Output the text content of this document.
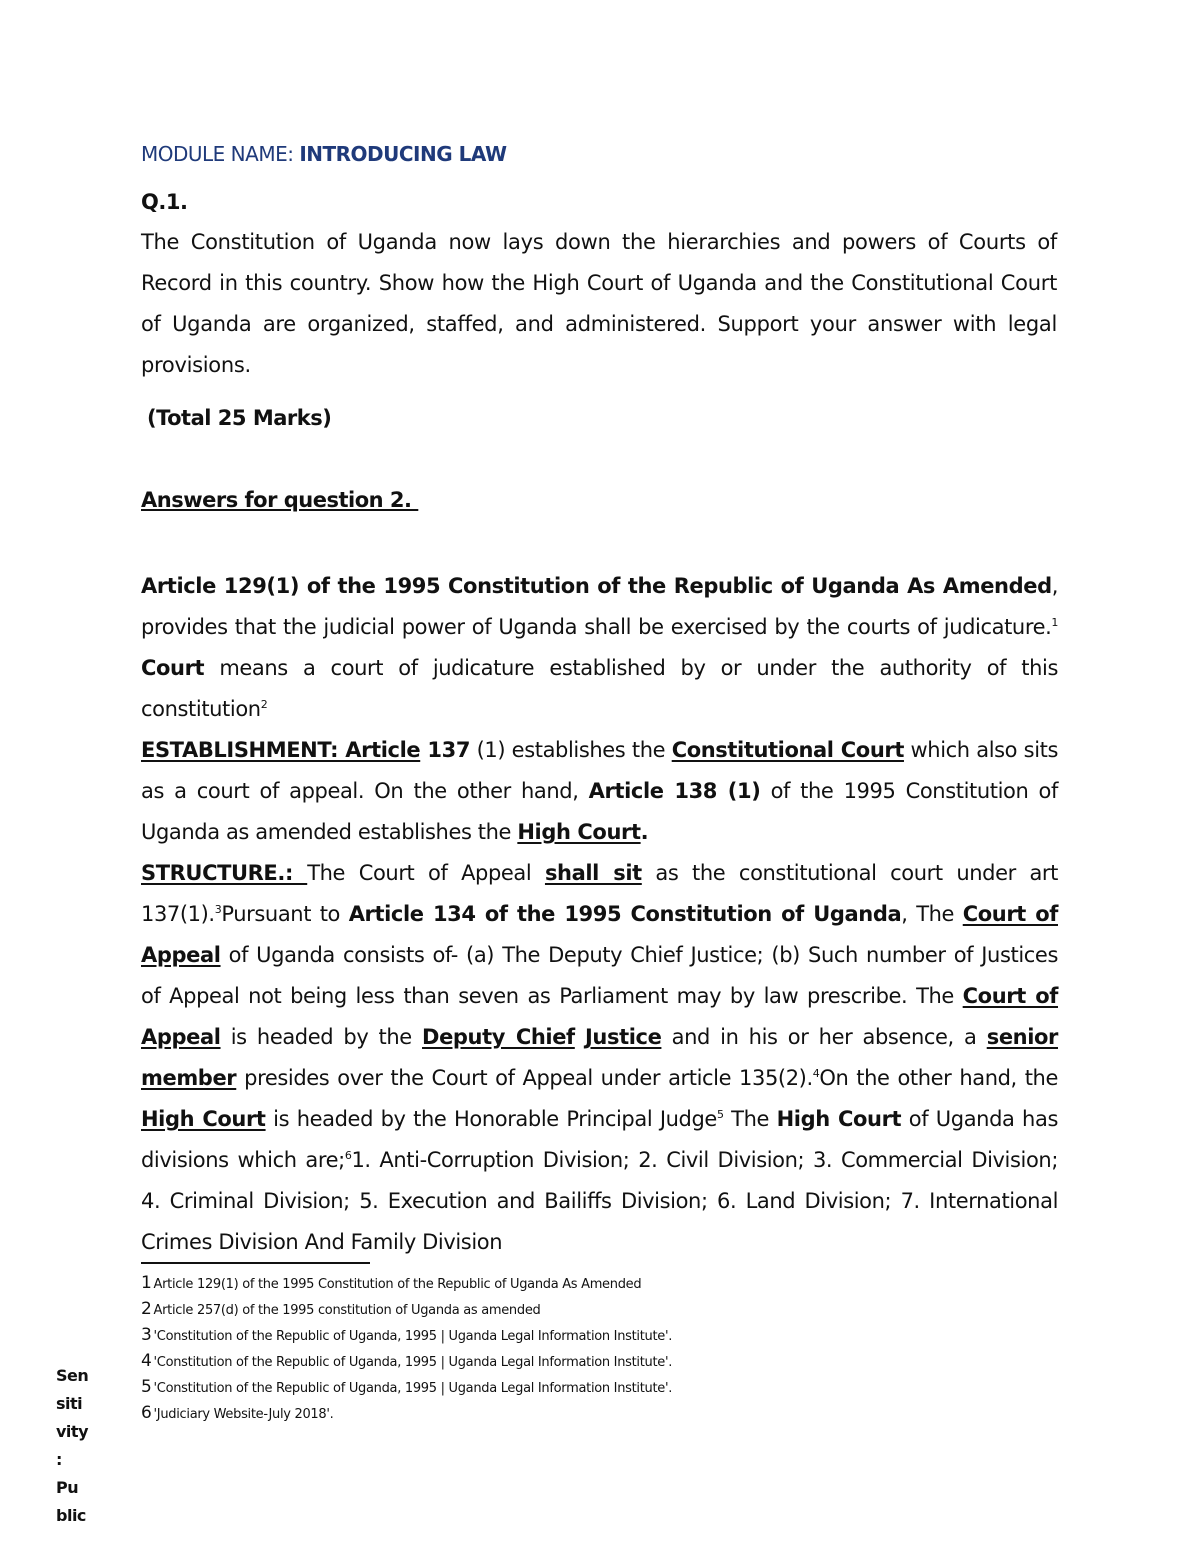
MODULE NAME: INTRODUCING LAW
Q.1.
The Constitution of Uganda now lays down the hierarchies and powers of Courts of Record in this country. Show how the High Court of Uganda and the Constitutional Court of Uganda are organized, staffed, and administered. Support your answer with legal provisions.
(Total 25 Marks)
Answers for question 2.

Article 129(1) of the 1995 Constitution of the Republic of Uganda As Amended, provides that the judicial power of Uganda shall be exercised by the courts of judicature.$^1$ Court means a court of judicature established by or under the authority of this constitution$^2$

ESTABLISHMENT: Article 137 (1) establishes the Constitutional Court which also sits as a court of appeal. On the other hand, Article 138 (1) of the 1995 Constitution of Uganda as amended establishes the High Court.

STRUCTURE.: The Court of Appeal shall sit as the constitutional court under art 137(1).$^3$Pursuant to Article 134 of the 1995 Constitution of Uganda, The Court of Appeal of Uganda consists of- (a) The Deputy Chief Justice; (b) Such number of Justices of Appeal not being less than seven as Parliament may by law prescribe. The Court of Appeal is headed by the Deputy Chief Justice and in his or her absence, a senior member presides over the Court of Appeal under article 135(2).$^4$On the other hand, the High Court is headed by the Honorable Principal Judge$^5$ The High Court of Uganda has divisions which are;$^6$1. Anti-Corruption Division; 2. Civil Division; 3. Commercial Division; 4. Criminal Division; 5. Execution and Bailiffs Division; 6. Land Division; 7. International Crimes Division And Family Division

1 Article 129(1) of the 1995 Constitution of the Republic of Uganda As Amended
2 Article 257(d) of the 1995 constitution of Uganda as amended
3 'Constitution of the Republic of Uganda, 1995 | Uganda Legal Information Institute'.
4 'Constitution of the Republic of Uganda, 1995 | Uganda Legal Information Institute'.
5 'Constitution of the Republic of Uganda, 1995 | Uganda Legal Information Institute'.
6 'Judiciary Website-July 2018'.
Sen
siti
vity
:
Pu
blic
